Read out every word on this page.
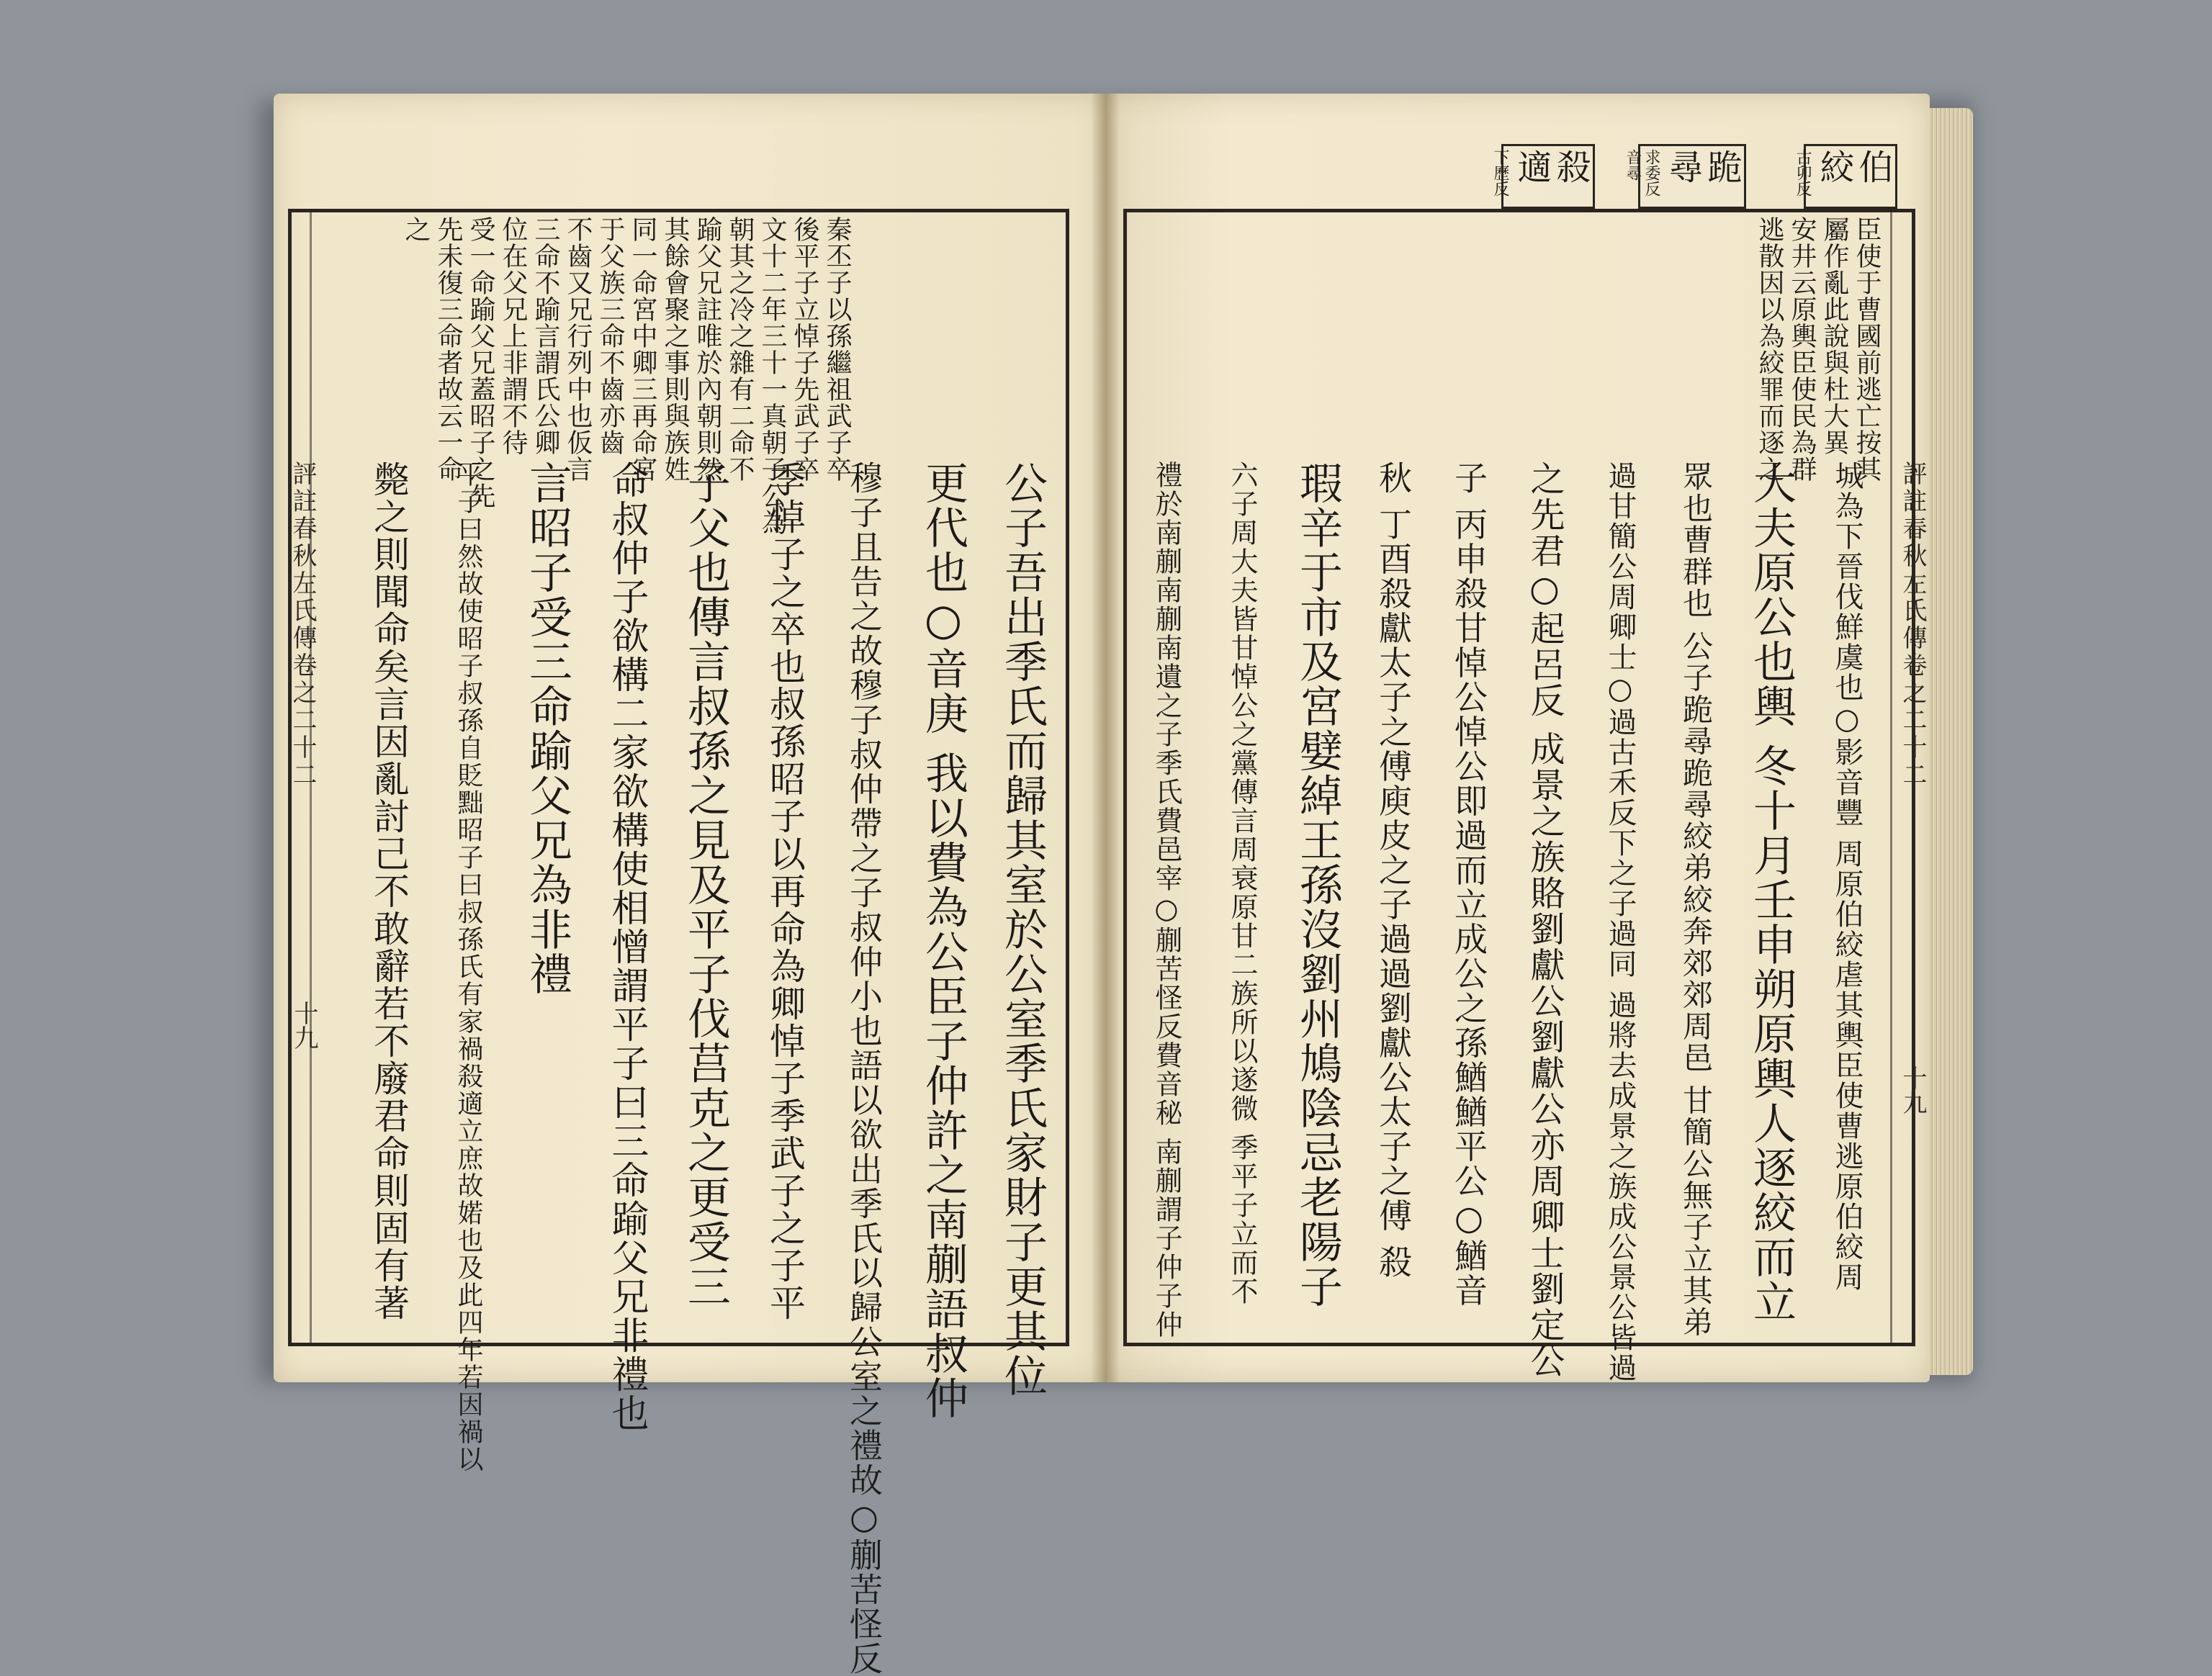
評註春秋左氏傳卷之二十二
十九
秦丕子以孫繼祖武子卒
後平子立悼子先武子卒
文十二年三十一真朝子公為
朝其之冷之雜有二命不
踰父兄註唯於內朝則然
其餘會聚之事則與族姓
同一命宮中卿三再命宮
于父族三命不齒亦齒
不齒又兄行列中也仮言
三命不踰言謂氏公卿
位在父兄上非謂不待
受一命踰父兄蓋昭子之先
先未復三命者故云一命
之
公子吾出季氏而歸其室於公室季氏家財子更其位
更代也○音庚 我以費為公臣子仲許之南蒯語叔仲
穆子且告之故穆子叔仲帶之子叔仲小也語以欲出季氏以歸公室之禮故○蒯苦怪反
季悼子之卒也叔孫昭子以再命為卿悼子季武子之子平
子父也傳言叔孫之見及平子伐莒克之更受三
命叔仲子欲構二家欲構使相憎謂平子曰三命踰父兄非禮也
言昭子受三命踰父兄為非禮
平子曰然故使昭子叔孫自貶黜昭子曰叔孫氏有家禍殺適立庶故婼也及此四年若因禍以
斃之則聞命矣言因亂討己不敢辭若不廢君命則固有著	評註春秋左氏傳卷之二十二
十九
伯絞
古卯反
跪尋
求委反 音尋
殺適
下歷反
臣使于曹國前逃亡按其
屬作亂此說與杜大異
安井云原輿臣使民為群
逃散因以為絞罪而逐之
城為下晉伐鮮虞也○影音豐 周原伯絞虐其輿臣使曹逃原伯絞周
大夫原公也輿 冬十月壬申朔原輿人逐絞而立
眾也曹群也 公子跪尋跪尋絞弟絞奔郊郊周邑 甘簡公無子立其弟
過甘簡公周卿士○過古禾反下之子過同 過將去成景之族成公景公皆過
之先君○起呂反 成景之族賂劉獻公劉獻公亦周卿士劉定公
子 丙申殺甘悼公悼公即過而立成公之孫鰌鰌平公○鰌音
秋 丁酉殺獻太子之傅庾皮之子過過劉獻公太子之傅 殺
瑕辛于市及宮嬖綽王孫沒劉州鳩陰忌老陽子
六子周大夫皆甘悼公之黨傳言周衰原甘二族所以遂微 季平子立而不
禮於南蒯南蒯南遺之子季氏費邑宰○蒯苦怪反費音秘 南蒯謂子仲子仲
